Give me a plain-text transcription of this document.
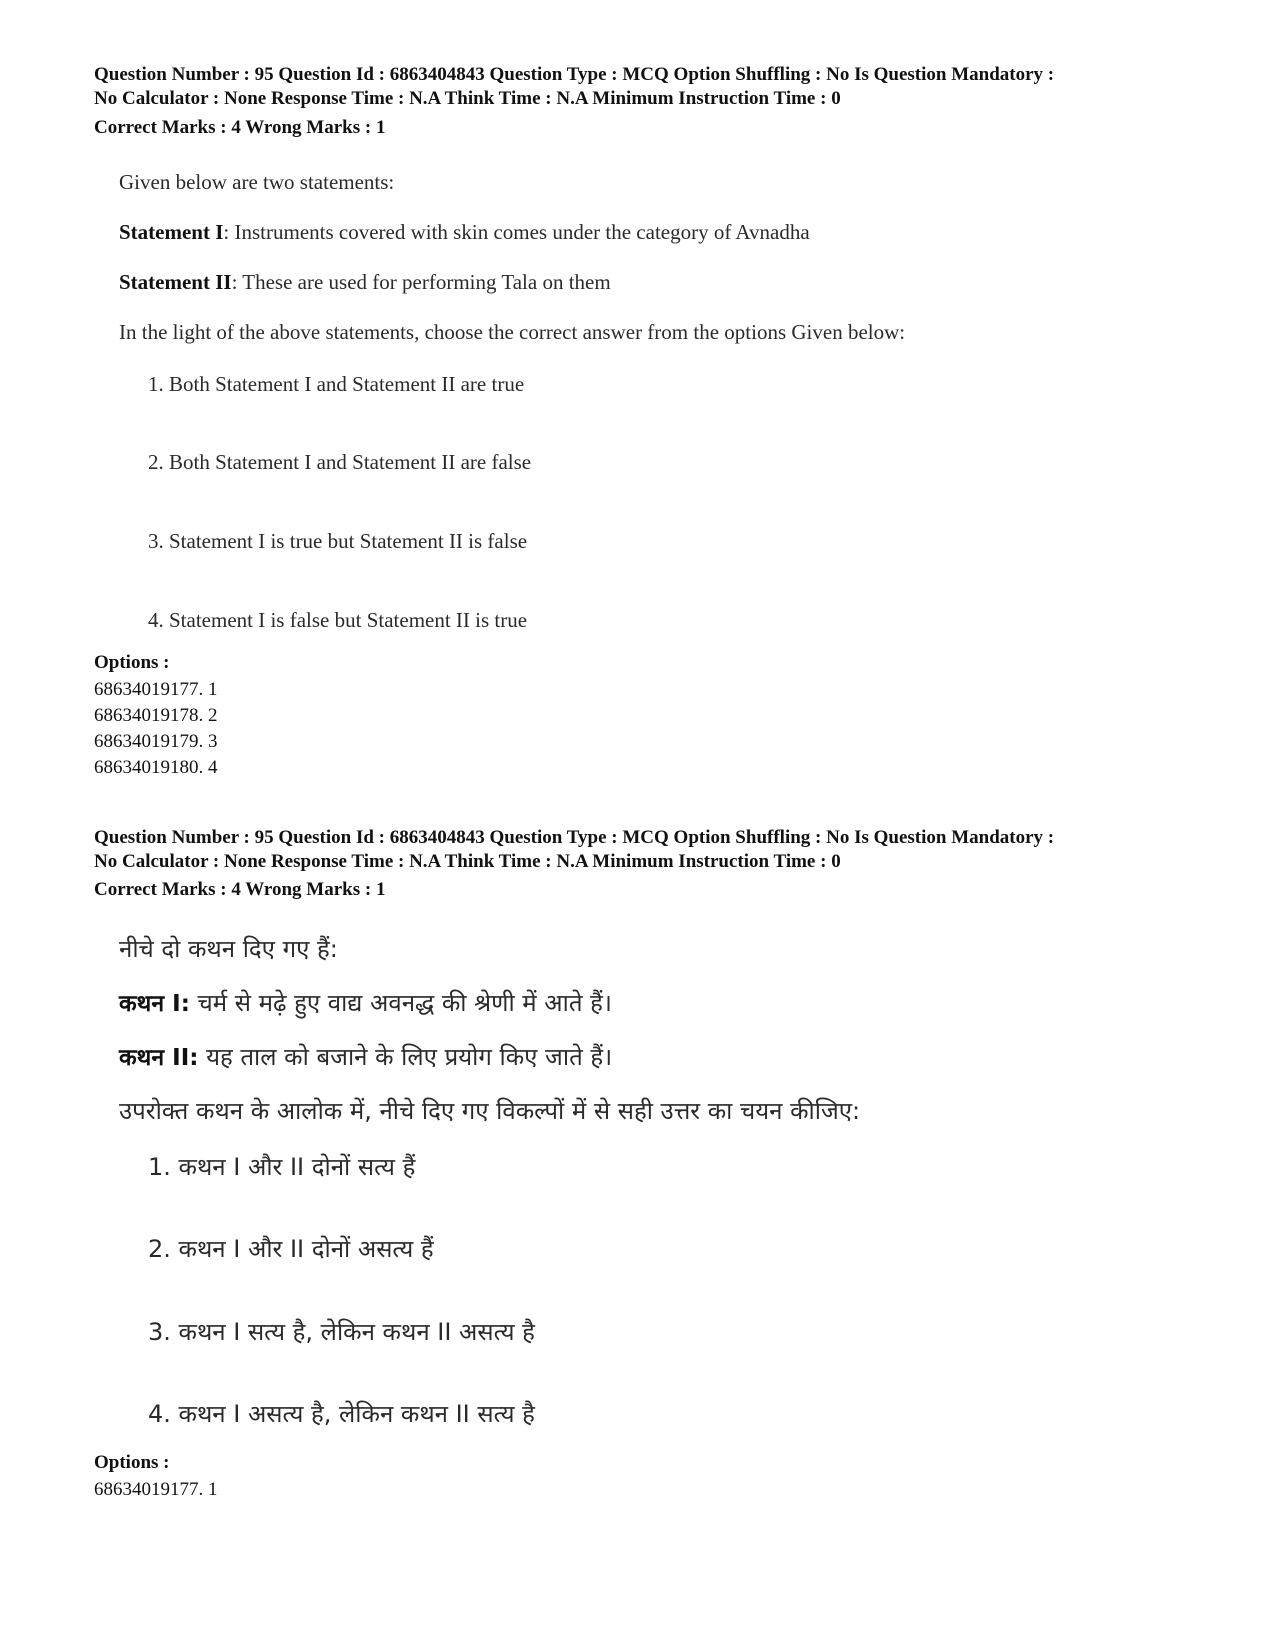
Question Number : 95 Question Id : 6863404843 Question Type : MCQ Option Shuffling : No Is Question Mandatory :
No Calculator : None Response Time : N.A Think Time : N.A Minimum Instruction Time : 0
Correct Marks : 4 Wrong Marks : 1
Given below are two statements:
Statement I: Instruments covered with skin comes under the category of Avnadha
Statement II: These are used for performing Tala on them
In the light of the above statements, choose the correct answer from the options Given below:
1. Both Statement I and Statement II are true
2. Both Statement I and Statement II are false
3. Statement I is true but Statement II is false
4. Statement I is false but Statement II is true
Options :
68634019177. 1
68634019178. 2
68634019179. 3
68634019180. 4
Question Number : 95 Question Id : 6863404843 Question Type : MCQ Option Shuffling : No Is Question Mandatory :
No Calculator : None Response Time : N.A Think Time : N.A Minimum Instruction Time : 0
Correct Marks : 4 Wrong Marks : 1
नीचे दो कथन दिए गए हैं:
कथन I: चर्म से मढ़े हुए वाद्य अवनद्ध की श्रेणी में आते हैं।
कथन II: यह ताल को बजाने के लिए प्रयोग किए जाते हैं।
उपरोक्त कथन के आलोक में, नीचे दिए गए विकल्पों में से सही उत्तर का चयन कीजिए:
1. कथन I और II दोनों सत्य हैं
2. कथन I और II दोनों असत्य हैं
3. कथन I सत्य है, लेकिन कथन II असत्य है
4. कथन I असत्य है, लेकिन कथन II सत्य है
Options :
68634019177. 1
